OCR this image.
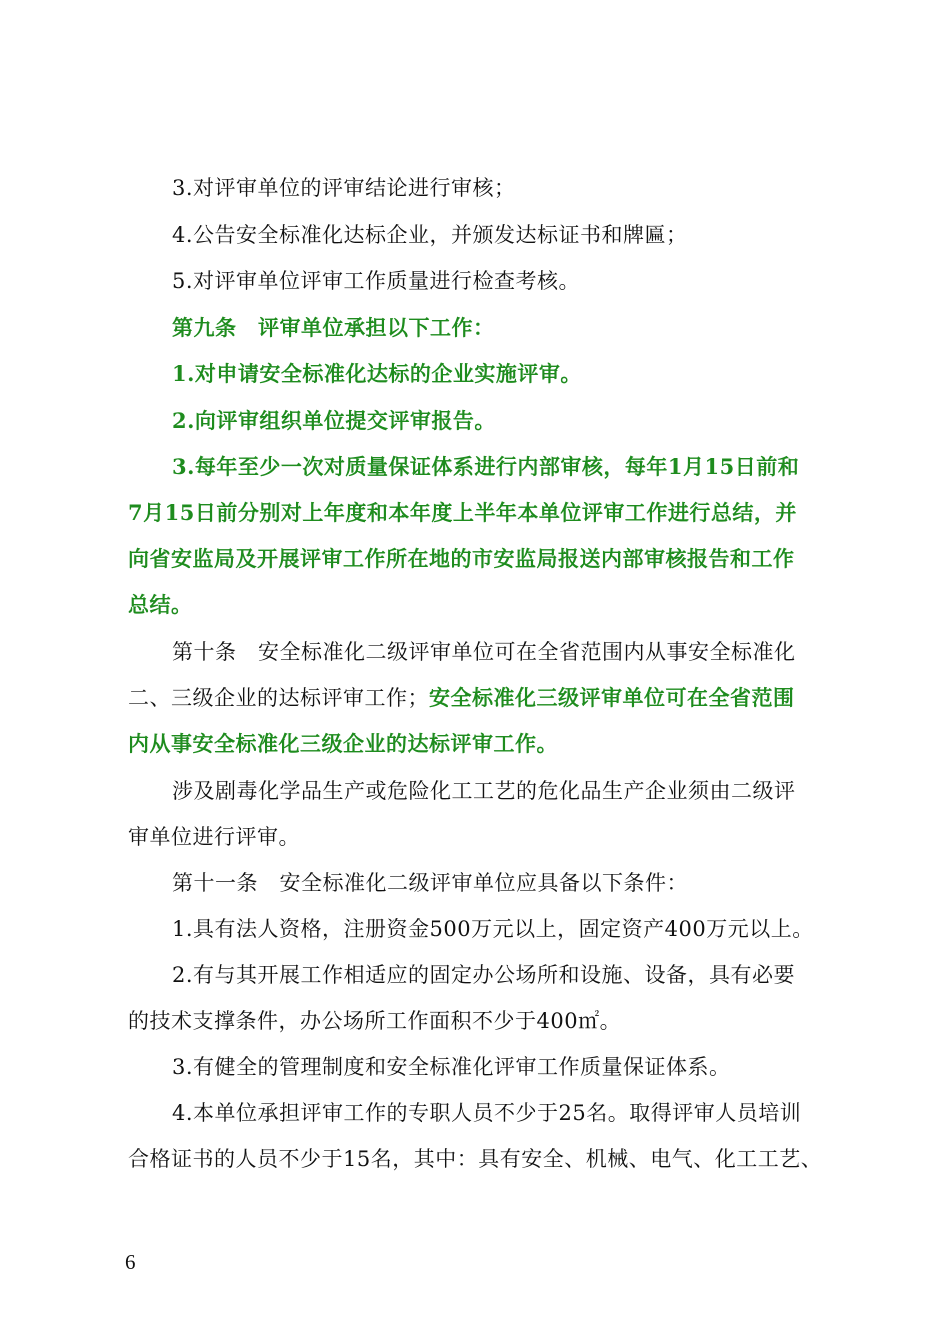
3.对评审单位的评审结论进行审核；
4.公告安全标准化达标企业，并颁发达标证书和牌匾；
5.对评审单位评审工作质量进行检查考核。
第九条　评审单位承担以下工作：
1.对申请安全标准化达标的企业实施评审。
2.向评审组织单位提交评审报告。
3.每年至少一次对质量保证体系进行内部审核，每年1月15日前和
7月15日前分别对上年度和本年度上半年本单位评审工作进行总结，并
向省安监局及开展评审工作所在地的市安监局报送内部审核报告和工作
总结。
第十条　安全标准化二级评审单位可在全省范围内从事安全标准化
二、三级企业的达标评审工作；安全标准化三级评审单位可在全省范围
内从事安全标准化三级企业的达标评审工作。
涉及剧毒化学品生产或危险化工工艺的危化品生产企业须由二级评
审单位进行评审。
第十一条　安全标准化二级评审单位应具备以下条件：
1.具有法人资格，注册资金500万元以上，固定资产400万元以上。
2.有与其开展工作相适应的固定办公场所和设施、设备，具有必要
的技术支撑条件，办公场所工作面积不少于400㎡。
3.有健全的管理制度和安全标准化评审工作质量保证体系。
4.本单位承担评审工作的专职人员不少于25名。取得评审人员培训
合格证书的人员不少于15名，其中：具有安全、机械、电气、化工工艺、
6
